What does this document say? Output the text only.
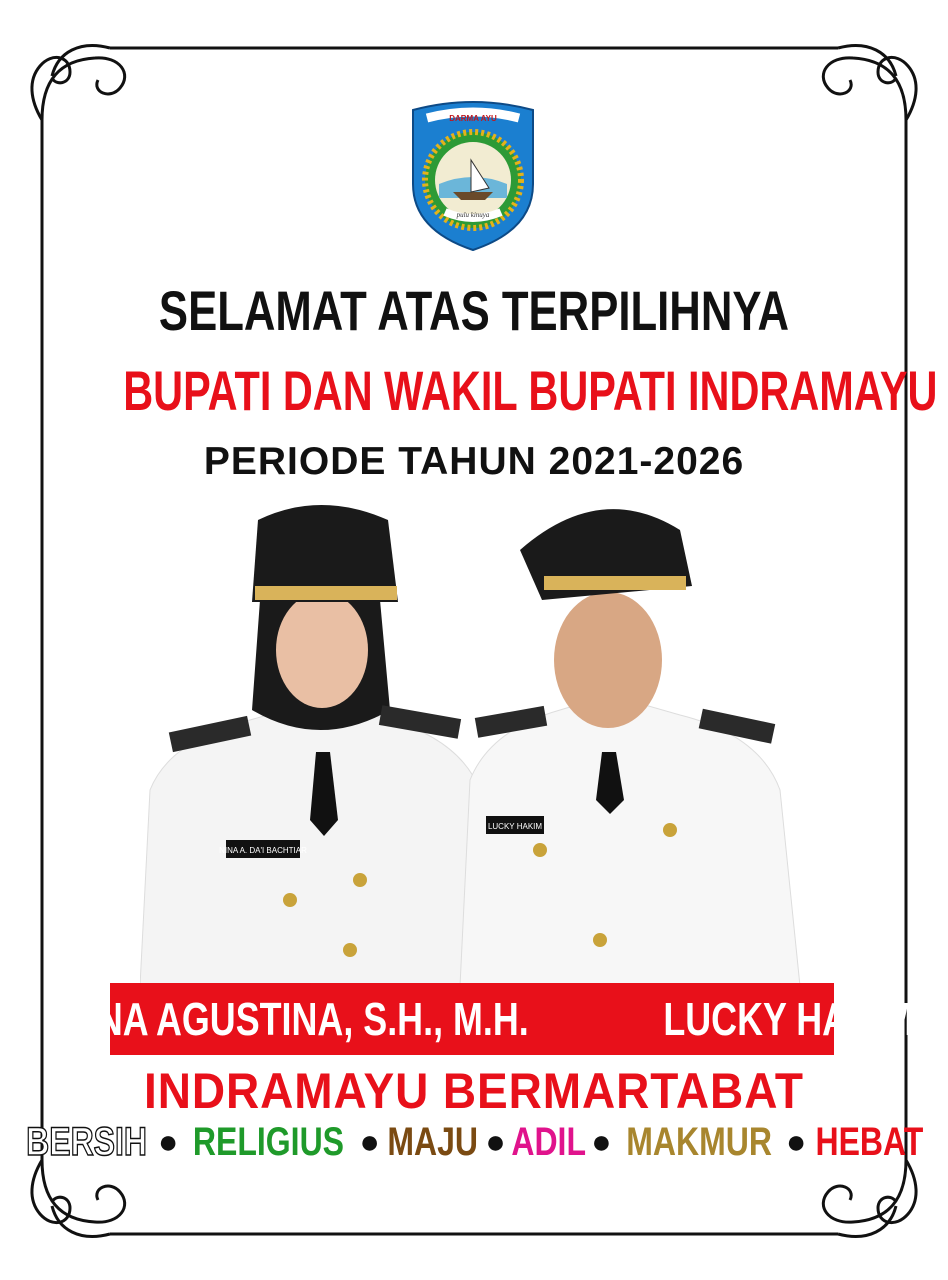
DARMA AYU
pulu kinuya
SELAMAT ATAS TERPILIHNYA
BUPATI DAN WAKIL BUPATI INDRAMAYU
PERIODE TAHUN 2021-2026
NINA A. DA'I BACHTIAR
LUCKY HAKIM
NINA AGUSTINA, S.H., M.H.	LUCKY HAKIM
INDRAMAYU BERMARTABAT
BERSIH ● RELIGIUS ● MAJU ● ADIL ● MAKMUR ● HEBAT
